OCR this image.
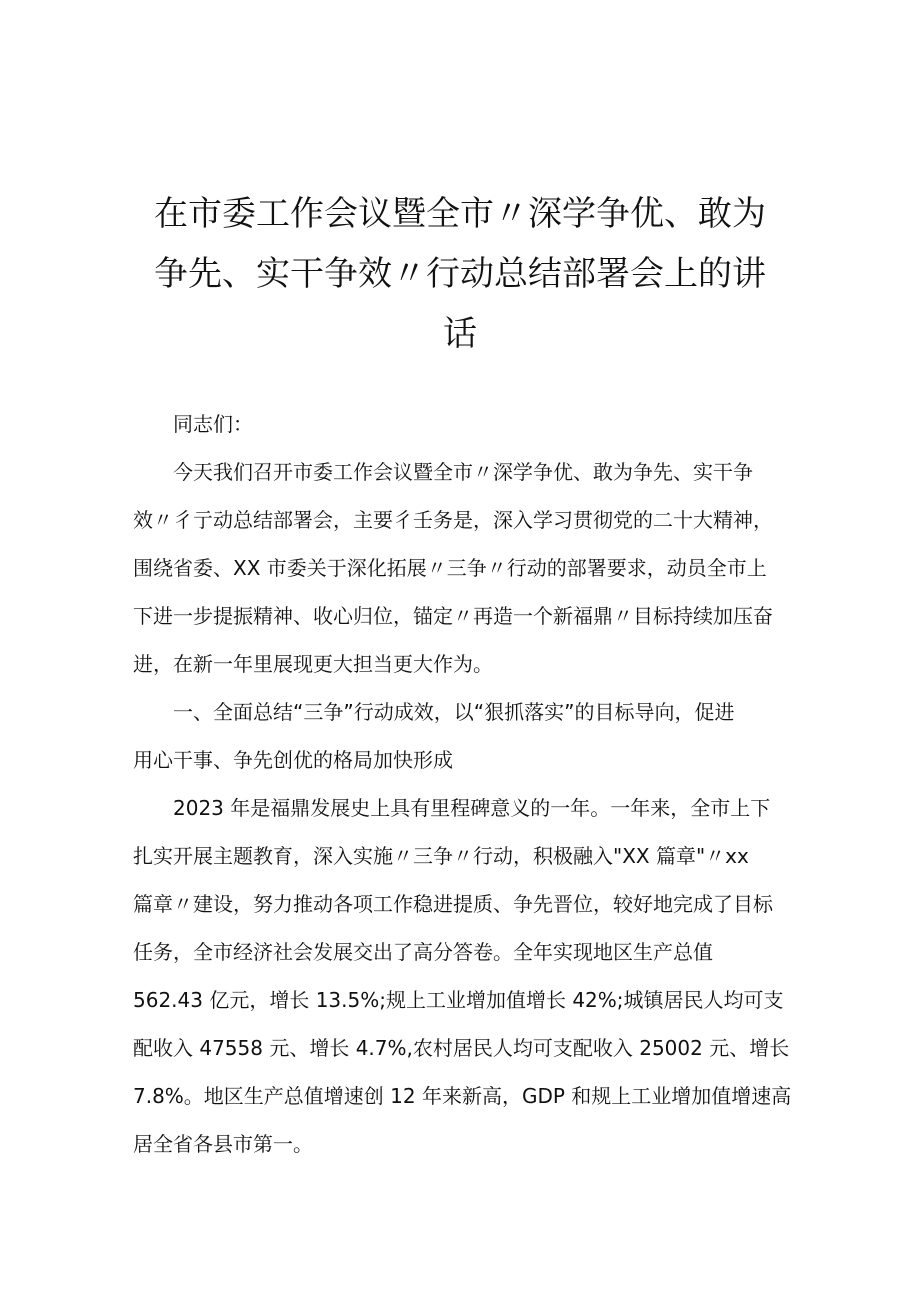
在市委工作会议暨全市〃深学争优、敢为
争先、实干争效〃行动总结部署会上的讲
话

同志们：

今天我们召开市委工作会议暨全市〃深学争优、敢为争先、实干争
效〃彳亍动总结部署会，主要彳壬务是，深入学习贯彻党的二十大精神，
围绕省委、XX 市委关于深化拓展〃三争〃行动的部署要求，动员全市上
下进一步提振精神、收心归位，锚定〃再造一个新福鼎〃目标持续加压奋
进，在新一年里展现更大担当更大作为。

一、全面总结“三争”行动成效，以“狠抓落实”的目标导向，促进
用心干事、争先创优的格局加快形成

2023 年是福鼎发展史上具有里程碑意义的一年。一年来，全市上下
扎实开展主题教育，深入实施〃三争〃行动，积极融入"XX 篇章"〃xx
篇章〃建设，努力推动各项工作稳进提质、争先晋位，较好地完成了目标
任务，全市经济社会发展交出了高分答卷。全年实现地区生产总值
562.43 亿元，增长 13.5%;规上工业增加值增长 42%;城镇居民人均可支
配收入 47558 元、增长 4.7%,农村居民人均可支配收入 25002 元、增长
7.8%。地区生产总值增速创 12 年来新高，GDP 和规上工业增加值增速高
居全省各县市第一。
